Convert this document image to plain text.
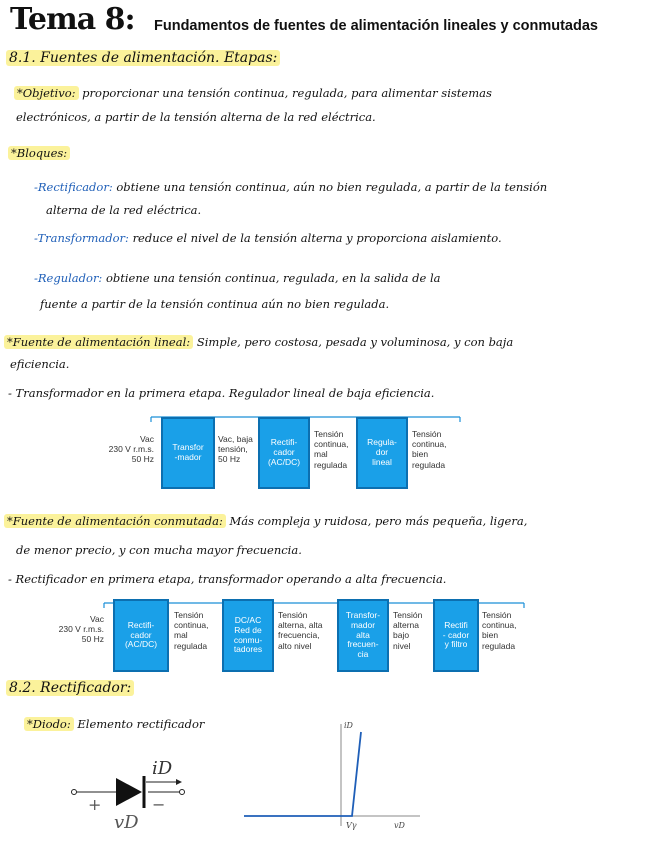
Tema 8: Fundamentos de fuentes de alimentación lineales y conmutadas
8.1. Fuentes de alimentación. Etapas:
*Objetivo: proporcionar una tensión continua, regulada, para alimentar sistemas
electrónicos, a partir de la tensión alterna de la red eléctrica.
*Bloques:
-Rectificador: obtiene una tensión continua, aún no bien regulada, a partir de la tensión
alterna de la red eléctrica.
-Transformador: reduce el nivel de la tensión alterna y proporciona aislamiento.
-Regulador: obtiene una tensión continua, regulada, en la salida de la
fuente a partir de la tensión continua aún no bien regulada.
*Fuente de alimentación lineal: Simple, pero costosa, pesada y voluminosa, y con baja
eficiencia.
- Transformador en la primera etapa. Regulador lineal de baja eficiencia.
Vac
230 V r.m.s.
50 Hz
Transfor
-mador
Vac, baja
tensión,
50 Hz
Rectifi-
cador
(AC/DC)
Tensión
continua,
mal
regulada
Regula-
dor
lineal
Tensión
continua,
bien
regulada
*Fuente de alimentación conmutada: Más compleja y ruidosa, pero más pequeña, ligera,
de menor precio, y con mucha mayor frecuencia.
- Rectificador en primera etapa, transformador operando a alta frecuencia.
Vac
230 V r.m.s.
50 Hz
Rectifi-
cador
(AC/DC)
Tensión
continua,
mal
regulada
DC/AC
Red de
conmu-
tadores
Tensión
alterna, alta
frecuencia,
alto nivel
Transfor-
mador
alta
frecuen-
cia
Tensión
alterna
bajo
nivel
Rectifi
- cador
y filtro
Tensión
continua,
bien
regulada
8.2. Rectificador:
*Diodo: Elemento rectificador
iD
+	−
vD
iD
vD
Vγ
